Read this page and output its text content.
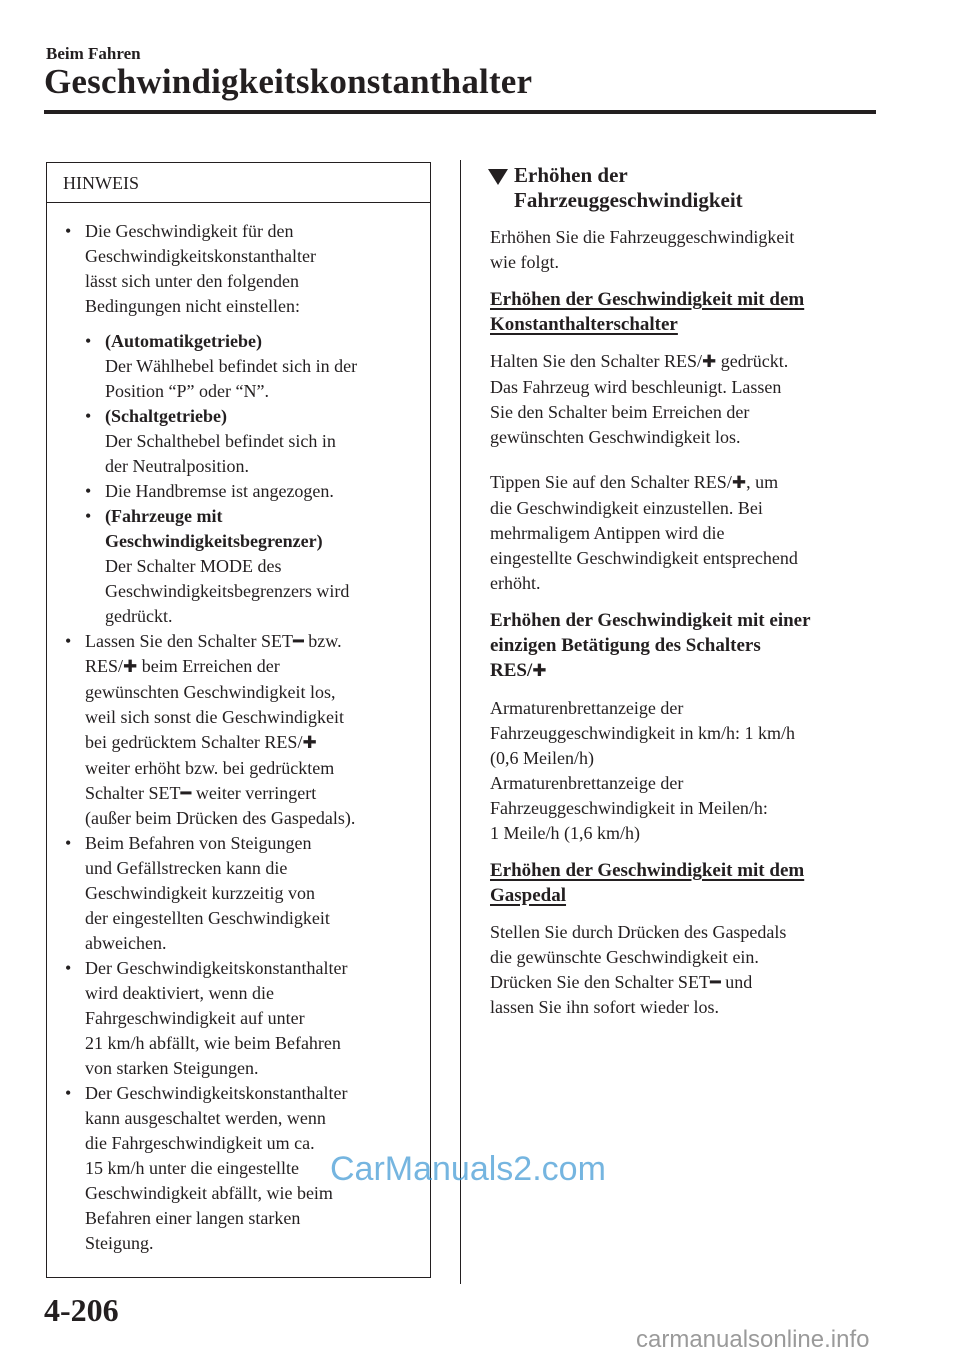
Beim Fahren
Geschwindigkeitskonstanthalter
HINWEIS
• Die Geschwindigkeit für den
Geschwindigkeitskonstanthalter
lässt sich unter den folgenden
Bedingungen nicht einstellen:
• (Automatikgetriebe)
Der Wählhebel befindet sich in der
Position “P” oder “N”.
• (Schaltgetriebe)
Der Schalthebel befindet sich in
der Neutralposition.
• Die Handbremse ist angezogen.
• (Fahrzeuge mit
Geschwindigkeitsbegrenzer)
Der Schalter MODE des
Geschwindigkeitsbegrenzers wird
gedrückt.
• Lassen Sie den Schalter SET━ bzw.
RES/✚ beim Erreichen der
gewünschten Geschwindigkeit los,
weil sich sonst die Geschwindigkeit
bei gedrücktem Schalter RES/✚
weiter erhöht bzw. bei gedrücktem
Schalter SET━ weiter verringert
(außer beim Drücken des Gaspedals).
• Beim Befahren von Steigungen
und Gefällstrecken kann die
Geschwindigkeit kurzzeitig von
der eingestellten Geschwindigkeit
abweichen.
• Der Geschwindigkeitskonstanthalter
wird deaktiviert, wenn die
Fahrgeschwindigkeit auf unter
21 km/h abfällt, wie beim Befahren
von starken Steigungen.
• Der Geschwindigkeitskonstanthalter
kann ausgeschaltet werden, wenn
die Fahrgeschwindigkeit um ca.
15 km/h unter die eingestellte
Geschwindigkeit abfällt, wie beim
Befahren einer langen starken
Steigung.
Erhöhen der
Fahrzeuggeschwindigkeit
Erhöhen Sie die Fahrzeuggeschwindigkeit
wie folgt.
Erhöhen der Geschwindigkeit mit dem
Konstanthalterschalter
Halten Sie den Schalter RES/✚ gedrückt.
Das Fahrzeug wird beschleunigt. Lassen
Sie den Schalter beim Erreichen der
gewünschten Geschwindigkeit los.
Tippen Sie auf den Schalter RES/✚, um
die Geschwindigkeit einzustellen. Bei
mehrmaligem Antippen wird die
eingestellte Geschwindigkeit entsprechend
erhöht.
Erhöhen der Geschwindigkeit mit einer
einzigen Betätigung des Schalters
RES/✚
Armaturenbrettanzeige der
Fahrzeuggeschwindigkeit in km/h: 1 km/h
(0,6 Meilen/h)
Armaturenbrettanzeige der
Fahrzeuggeschwindigkeit in Meilen/h:
1 Meile/h (1,6 km/h)
Erhöhen der Geschwindigkeit mit dem
Gaspedal
Stellen Sie durch Drücken des Gaspedals
die gewünschte Geschwindigkeit ein.
Drücken Sie den Schalter SET━ und
lassen Sie ihn sofort wieder los.
4-206
CarManuals2.com
carmanualsonline.info
